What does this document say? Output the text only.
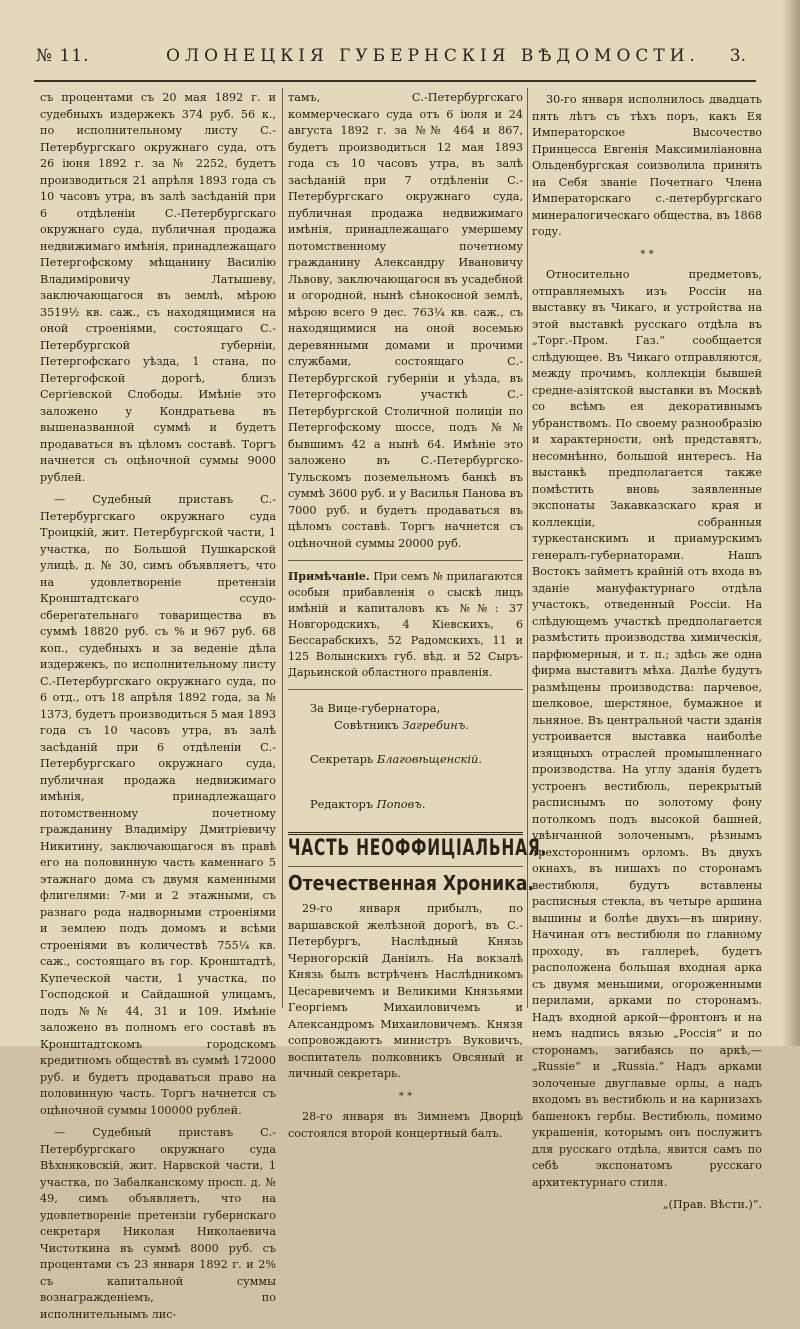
№ 11.	ОЛОНЕЦКІЯ ГУБЕРНСКІЯ ВѢДОМОСТИ. 3.

съ процентами съ 20 мая 1892 г. и судебныхъ издержекъ 374 руб. 56 к., по исполнительному листу С.-Петербургскаго окружнаго суда, отъ 26 іюня 1892 г. за № 2252, будетъ производиться 21 апрѣля 1893 года съ 10 часовъ утра, въ залѣ засѣданій при 6 отдѣленіи С.-Петербургскаго окружнаго суда, публичная продажа недвижимаго имѣнія, принадлежащаго Петергофскому мѣщанину Василію Владиміровичу Латышеву, заключающагося въ землѣ, мѣрою 3519½ кв. саж., съ находящимися на оной строеніями, состоящаго С.-Петербургской губерніи, Петергофскаго уѣзда, 1 стана, по Петергофской дорогѣ, близъ Сергіевской Слободы. Имѣніе это заложено у Кондратьева въ вышеназванной суммѣ и будетъ продаваться въ цѣломъ составѣ. Торгъ начнется съ оцѣночной суммы 9000 рублей.

— Судебный приставъ С.-Петербургскаго окружнаго суда Троицкій, жит. Петербургской части, 1 участка, по Большой Пушкарской улицѣ, д. № 30, симъ объявляетъ, что на удовлетвореніе претензіи Кронштадтскаго ссудо-сберегательнаго товарищества въ суммѣ 18820 руб. съ % и 967 руб. 68 коп., судебныхъ и за веденіе дѣла издержекъ, по исполнительному листу С.-Петербургскаго окружнаго суда, по 6 отд., отъ 18 апрѣля 1892 года, за № 1373, будетъ производиться 5 мая 1893 года съ 10 часовъ утра, въ залѣ засѣданій при 6 отдѣленіи С.-Петербургскаго окружнаго суда, публичная продажа недвижимаго имѣнія, принадлежащаго потомственному почетному гражданину Владиміру Дмитріевичу Никитину, заключающагося въ правѣ его на половинную часть каменнаго 5 этажнаго дома съ двумя каменными флигелями: 7-ми и 2 этажными, съ разнаго рода надворными строеніями и землею подъ домомъ и всѣми строеніями въ количествѣ 755¼ кв. саж., состоящаго въ гор. Кронштадтѣ, Купеческой части, 1 участка, по Господской и Сайдашной улицамъ, подъ №№ 44, 31 и 109. Имѣніе заложено въ полномъ его составѣ въ Кронштадтскомъ городскомъ кредитномъ обществѣ въ суммѣ 172000 руб. и будетъ продаваться право на половинную часть. Торгъ начнется съ оцѣночной суммы 100000 рублей.

— Судебный приставъ С.-Петербургскаго окружнаго суда Вѣхняковскій, жит. Нарвской части, 1 участка, по Забалканскому просп. д. № 49, симъ объявляетъ, что на удовлетвореніе претензіи губернскаго секретаря Николая Николаевича Чистоткина въ суммѣ 8000 руб. съ процентами съ 23 января 1892 г. и 2% съ капитальной суммы вознагражденіемъ, по исполнительнымъ лис-

тамъ, С.-Петербургскаго коммерческаго суда отъ 6 іюля и 24 августа 1892 г. за №№ 464 и 867, будетъ производиться 12 мая 1893 года съ 10 часовъ утра, въ залѣ засѣданій при 7 отдѣленіи С.-Петербургскаго окружнаго суда, публичная продажа недвижимаго имѣнія, принадлежащаго умершему потомственному почетному гражданину Александру Ивановичу Львову, заключающагося въ усадебной и огородной, нынѣ сѣнокосной землѣ, мѣрою всего 9 дес. 763¼ кв. саж., съ находящимися на оной восемью деревянными домами и прочими службами, состоящаго С.-Петербургской губерніи и уѣзда, въ Петергофскомъ участкѣ С.-Петербургской Столичной полиціи по Петергофскому шоссе, подъ №№ бывшимъ 42 а нынѣ 64. Имѣніе это заложено въ С.-Петербургско-Тульскомъ поземельномъ банкѣ въ суммѣ 3600 руб. и у Василья Панова въ 7000 руб. и будетъ продаваться въ цѣломъ составѣ. Торгъ начнется съ оцѣночной суммы 20000 руб.

Примѣчаніе. При семъ № прилагаются особыя прибавленія о сыскѣ лицъ имѣній и капиталовъ къ №№: 37 Новгородскихъ, 4 Кіевскихъ, 6 Бессарабскихъ, 52 Радомскихъ, 11 и 125 Волынскихъ губ. вѣд. и 52 Сыръ-Дарьинской областного правленія.
За Вице-губернатора,
Совѣтникъ Загребинъ.
Секретарь Благовѣщенскій.
Редакторъ Поповъ.
ЧАСТЬ НЕОФФИЦІАЛЬНАЯ.
Отечественная Хроника.

29-го января прибылъ, по варшавской желѣзной дорогѣ, въ С.-Петербургъ, Наслѣдный Князь Черногорскій Даніилъ. На вокзалѣ Князь былъ встрѣченъ Наслѣдникомъ Цесаревичемъ и Великими Князьями Георгіемъ Михаиловичемъ и Александромъ Михаиловичемъ. Князя сопровождаютъ министръ Вуковичъ, воспитатель полковникъ Овсяный и личный секретарь.

* *

28-го января въ Зимнемъ Дворцѣ состоялся второй концертный балъ.

30-го января исполнилось двадцать пять лѣтъ съ тѣхъ поръ, какъ Ея Императорское Высочество Принцесса Евгенія Максимиліановна Ольденбургская соизволила принять на Себя званіе Почетнаго Члена Императорскаго с.-петербургскаго минералогическаго общества, въ 1868 году.

* *

Относительно предметовъ, отправляемыхъ изъ Россіи на выставку въ Чикаго, и устройства на этой выставкѣ русскаго отдѣла въ „Торг.-Пром. Газ.“ сообщается слѣдующее. Въ Чикаго отправляются, между прочимъ, коллекціи бывшей средне-азіятской выставки въ Москвѣ со всѣмъ ея декоративнымъ убранствомъ. По своему разнообразію и характерности, онѣ представятъ, несомнѣнно, большой интересъ. На выставкѣ предполагается также помѣстить вновь заявленные экспонаты Закавказскаго края и коллекціи, собранныя туркестанскимъ и приамурскимъ генералъ-губернаторами. Нашъ Востокъ займетъ крайній отъ входа въ зданіе мануфактурнаго отдѣла участокъ, отведенный Россіи. На слѣдующемъ участкѣ предполагается размѣстить производства химическія, парфюмерныя, и т. п.; здѣсь же одна фирма выставитъ мѣха. Далѣе будутъ размѣщены производства: парчевое, шелковое, шерстяное, бумажное и льняное. Въ центральной части зданія устроивается выставка наиболѣе изящныхъ отраслей промышленнаго производства. На углу зданія будетъ устроенъ вестибюль, перекрытый расписнымъ по золотому фону потолкомъ подъ высокой башней, увѣнчанной золоченымъ, рѣзнымъ трехстороннимъ орломъ. Въ двухъ окнахъ, въ нишахъ по сторонамъ вестибюля, будутъ вставлены расписныя стекла, въ четыре аршина вышины и болѣе двухъ—въ ширину. Начиная отъ вестибюля по главному проходу, въ галлереѣ, будетъ расположена большая входная арка съ двумя меньшими, огороженными перилами, арками по сторонамъ. Надъ входной аркой—фронтонъ и на немъ надпись вязью „Россія“ и по сторонамъ, загибаясь по аркѣ,—„Russie“ и „Russia.“ Надъ арками золоченые двуглавые орлы, а надъ входомъ въ вестибюль и на карнизахъ башенокъ гербы. Вестибюль, помимо украшенія, которымъ онъ послужитъ для русскаго отдѣла, явится самъ по себѣ экспонатомъ русскаго архитектурнаго стиля.

„(Прав. Вѣстн.)“.
